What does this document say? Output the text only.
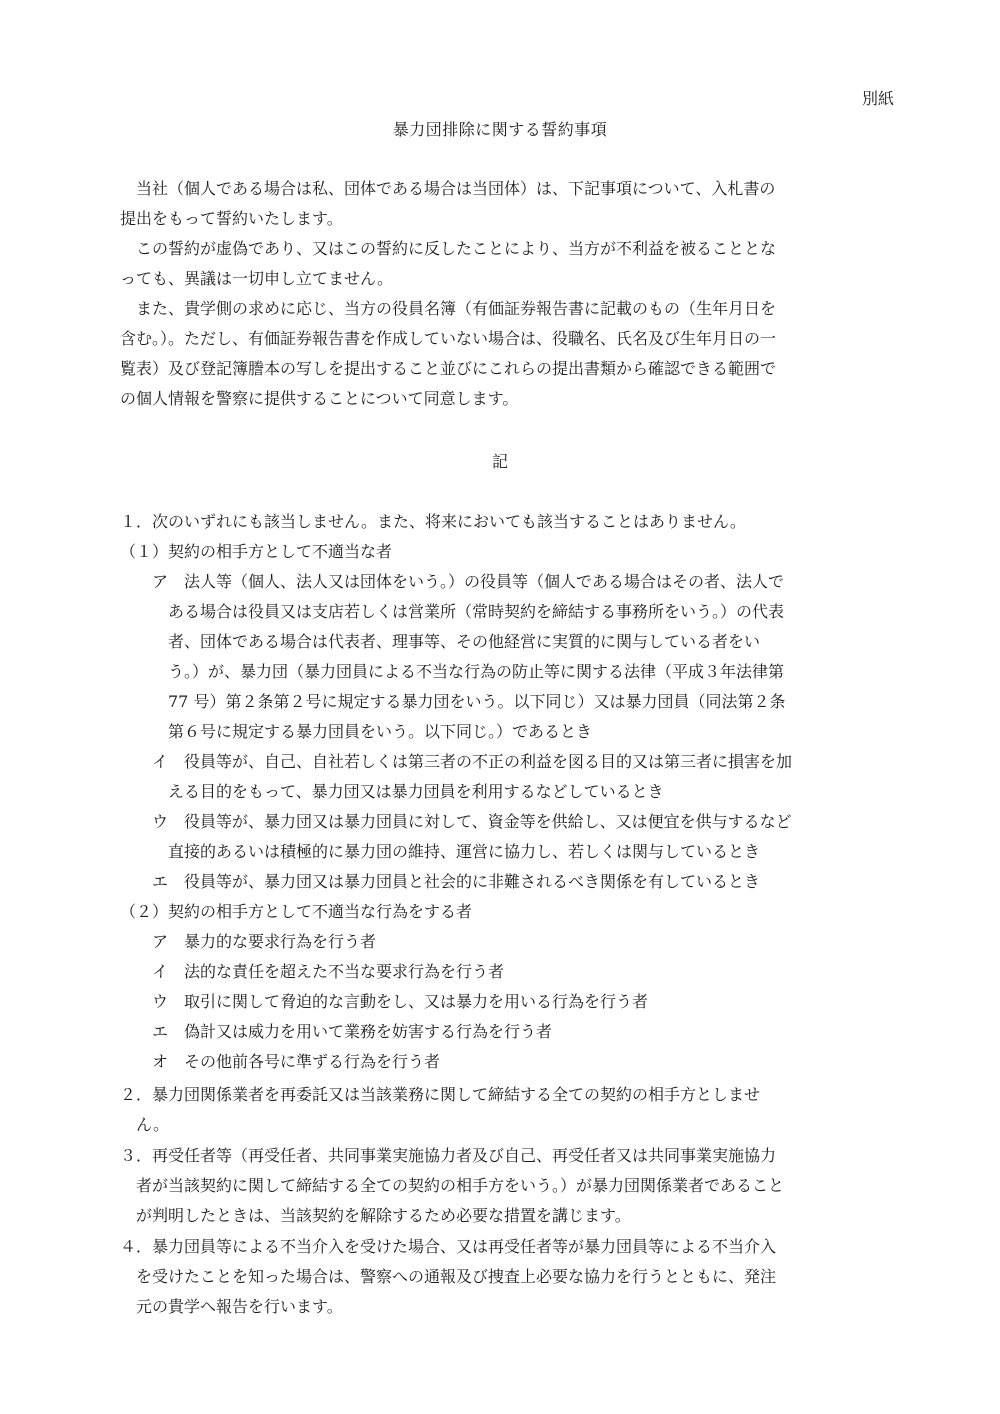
別紙
暴力団排除に関する誓約事項
　当社（個人である場合は私、団体である場合は当団体）は、下記事項について、入札書の
提出をもって誓約いたします。
　この誓約が虚偽であり、又はこの誓約に反したことにより、当方が不利益を被ることとな
っても、異議は一切申し立てません。
　また、貴学側の求めに応じ、当方の役員名簿（有価証券報告書に記載のもの（生年月日を
含む。）。ただし、有価証券報告書を作成していない場合は、役職名、氏名及び生年月日の一
覧表）及び登記簿謄本の写しを提出すること並びにこれらの提出書類から確認できる範囲で
の個人情報を警察に提供することについて同意します。
記
１．次のいずれにも該当しません。また、将来においても該当することはありません。
（１）契約の相手方として不適当な者
　　ア　法人等（個人、法人又は団体をいう。）の役員等（個人である場合はその者、法人で
　　　ある場合は役員又は支店若しくは営業所（常時契約を締結する事務所をいう。）の代表
　　　者、団体である場合は代表者、理事等、その他経営に実質的に関与している者をい
　　　う。）が、暴力団（暴力団員による不当な行為の防止等に関する法律（平成３年法律第
　　　77 号）第２条第２号に規定する暴力団をいう。以下同じ）又は暴力団員（同法第２条
　　　第６号に規定する暴力団員をいう。以下同じ。）であるとき
　　イ　役員等が、自己、自社若しくは第三者の不正の利益を図る目的又は第三者に損害を加
　　　える目的をもって、暴力団又は暴力団員を利用するなどしているとき
　　ウ　役員等が、暴力団又は暴力団員に対して、資金等を供給し、又は便宜を供与するなど
　　　直接的あるいは積極的に暴力団の維持、運営に協力し、若しくは関与しているとき
　　エ　役員等が、暴力団又は暴力団員と社会的に非難されるべき関係を有しているとき
（２）契約の相手方として不適当な行為をする者
　　ア　暴力的な要求行為を行う者
　　イ　法的な責任を超えた不当な要求行為を行う者
　　ウ　取引に関して脅迫的な言動をし、又は暴力を用いる行為を行う者
　　エ　偽計又は威力を用いて業務を妨害する行為を行う者
　　オ　その他前各号に準ずる行為を行う者
２．暴力団関係業者を再委託又は当該業務に関して締結する全ての契約の相手方としませ
　ん。
３．再受任者等（再受任者、共同事業実施協力者及び自己、再受任者又は共同事業実施協力
　者が当該契約に関して締結する全ての契約の相手方をいう。）が暴力団関係業者であること
　が判明したときは、当該契約を解除するため必要な措置を講じます。
４．暴力団員等による不当介入を受けた場合、又は再受任者等が暴力団員等による不当介入
　を受けたことを知った場合は、警察への通報及び捜査上必要な協力を行うとともに、発注
　元の貴学へ報告を行います。
